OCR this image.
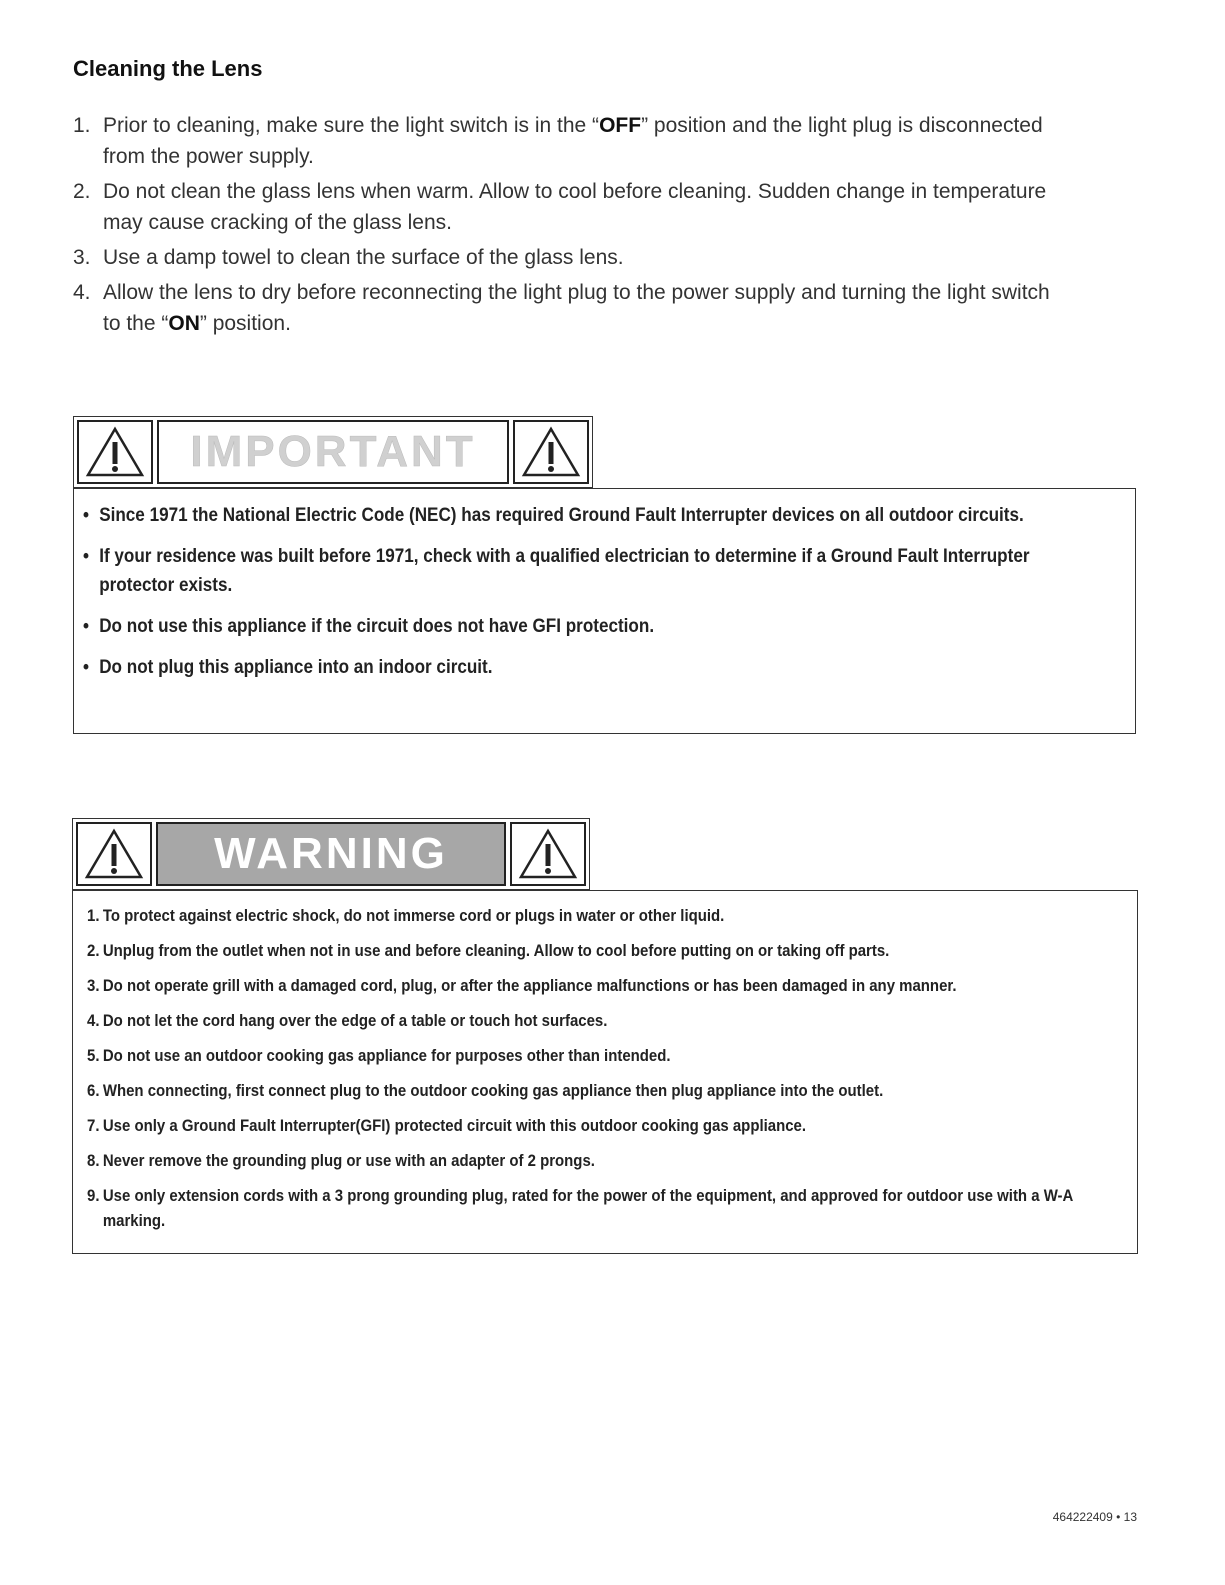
Cleaning the Lens
1. Prior to cleaning, make sure the light switch is in the “OFF” position and the light plug is disconnected from the power supply.
2. Do not clean the glass lens when warm. Allow to cool before cleaning. Sudden change in temperature may cause cracking of the glass lens.
3. Use a damp towel to clean the surface of the glass lens.
4. Allow the lens to dry before reconnecting the light plug to the power supply and turning the light switch to the “ON” position.
IMPORTANT
• Since 1971 the National Electric Code (NEC) has required Ground Fault Interrupter devices on all outdoor circuits.
• If your residence was built before 1971, check with a qualified electrician to determine if a Ground Fault Interrupter protector exists.
• Do not use this appliance if the circuit does not have GFI protection.
• Do not plug this appliance into an indoor circuit.
WARNING
1. To protect against electric shock, do not immerse cord or plugs in water or other liquid.
2. Unplug from the outlet when not in use and before cleaning. Allow to cool before putting on or taking off parts.
3. Do not operate grill with a damaged cord, plug, or after the appliance malfunctions or has been damaged in any manner.
4. Do not let the cord hang over the edge of a table or touch hot surfaces.
5. Do not use an outdoor cooking gas appliance for purposes other than intended.
6. When connecting, first connect plug to the outdoor cooking gas appliance then plug appliance into the outlet.
7. Use only a Ground Fault Interrupter(GFI) protected circuit with this outdoor cooking gas appliance.
8. Never remove the grounding plug or use with an adapter of 2 prongs.
9. Use only extension cords with a 3 prong grounding plug, rated for the power of the equipment, and approved for outdoor use with a W-A marking.
464222409 • 13
